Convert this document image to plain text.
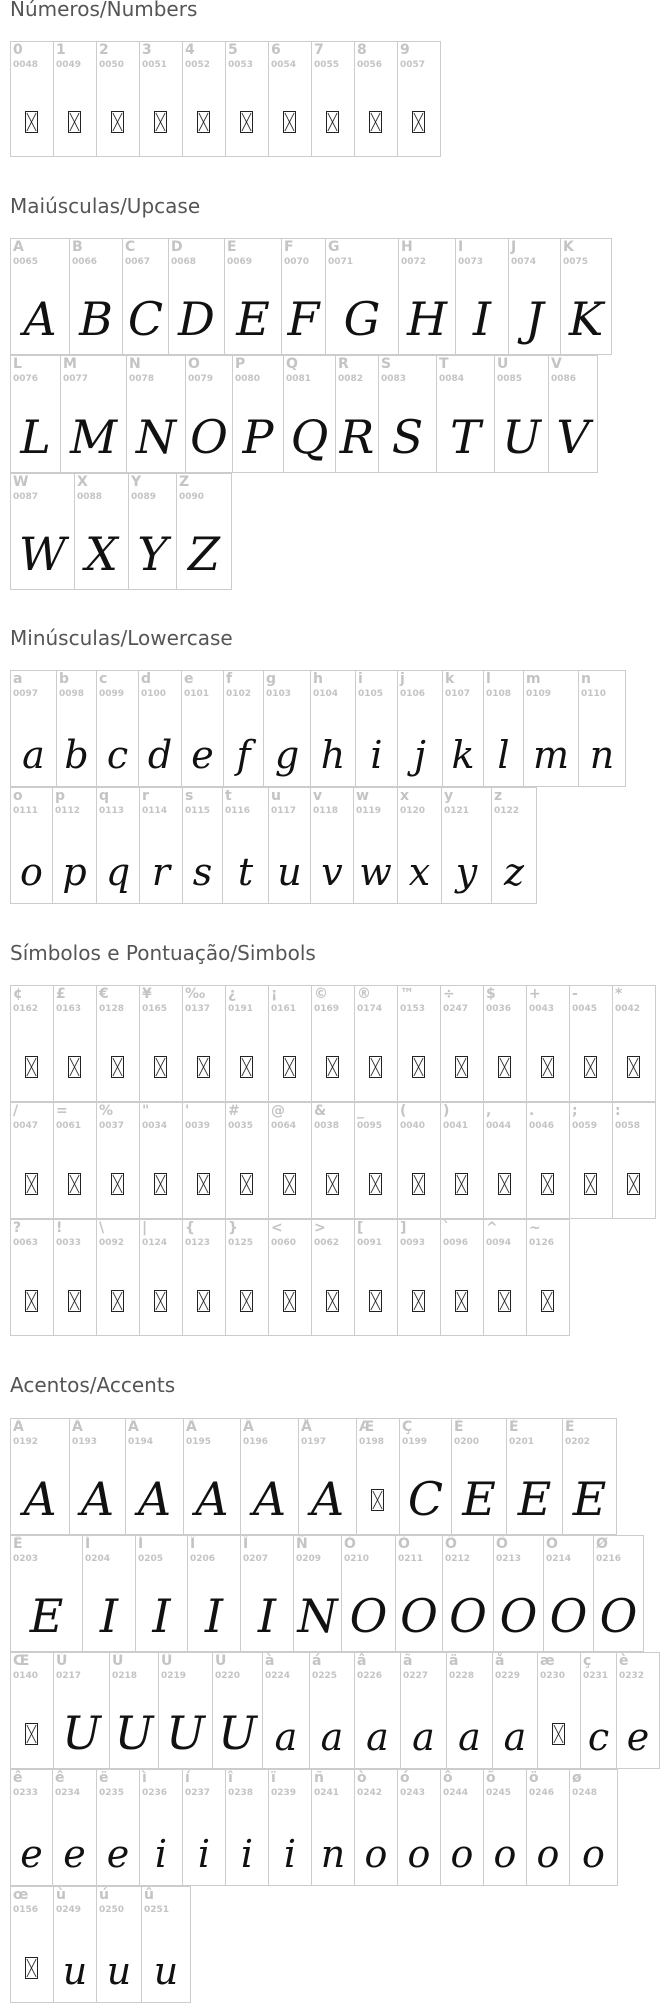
Números/Numbers
Maiúsculas/Upcase
Minúsculas/Lowercase
Símbolos e Pontuação/Simbols
Acentos/Accents
0
0048
1
0049
2
0050
3
0051
4
0052
5
0053
6
0054
7
0055
8
0056
9
0057
A
0065
A
B
0066
B
C
0067
C
D
0068
D
E
0069
E
F
0070
F
G
0071
G
H
0072
H
I
0073
I
J
0074
J
K
0075
K
L
0076
L
M
0077
M
N
0078
N
O
0079
O
P
0080
P
Q
0081
Q
R
0082
R
S
0083
S
T
0084
T
U
0085
U
V
0086
V
W
0087
W
X
0088
X
Y
0089
Y
Z
0090
Z
a
0097
a
b
0098
b
c
0099
c
d
0100
d
e
0101
e
f
0102
f
g
0103
g
h
0104
h
i
0105
i
j
0106
j
k
0107
k
l
0108
l
m
0109
m
n
0110
n
o
0111
o
p
0112
p
q
0113
q
r
0114
r
s
0115
s
t
0116
t
u
0117
u
v
0118
v
w
0119
w
x
0120
x
y
0121
y
z
0122
z
¢
0162
£
0163
€
0128
¥
0165
‰
0137
¿
0191
¡
0161
©
0169
®
0174
™
0153
÷
0247
$
0036
+
0043
-
0045
*
0042
/
0047
=
0061
%
0037
"
0034
'
0039
#
0035
@
0064
&
0038
_
0095
(
0040
)
0041
,
0044
.
0046
;
0059
:
0058
?
0063
!
0033
\
0092
|
0124
{
0123
}
0125
<
0060
>
0062
[
0091
]
0093
`
0096
^
0094
~
0126
À
0192
A
Á
0193
A
Â
0194
A
Ã
0195
A
Ä
0196
A
Å
0197
A
Æ
0198
Ç
0199
C
È
0200
E
É
0201
E
Ê
0202
E
Ë
0203
E
Ì
0204
I
Í
0205
I
Î
0206
I
Ï
0207
I
Ñ
0209
N
Ò
0210
O
Ó
0211
O
Ô
0212
O
Õ
0213
O
Ö
0214
O
Ø
0216
O
Œ
0140
Ù
0217
U
Ú
0218
U
Û
0219
U
Ü
0220
U
à
0224
a
á
0225
a
â
0226
a
ã
0227
a
ä
0228
a
å
0229
a
æ
0230
ç
0231
c
è
0232
e
ê
0233
e
ê
0234
e
ë
0235
e
ì
0236
i
í
0237
i
î
0238
i
ï
0239
i
ñ
0241
n
ò
0242
o
ó
0243
o
ô
0244
o
õ
0245
o
ö
0246
o
ø
0248
o
œ
0156
ù
0249
u
ú
0250
u
û
0251
u
